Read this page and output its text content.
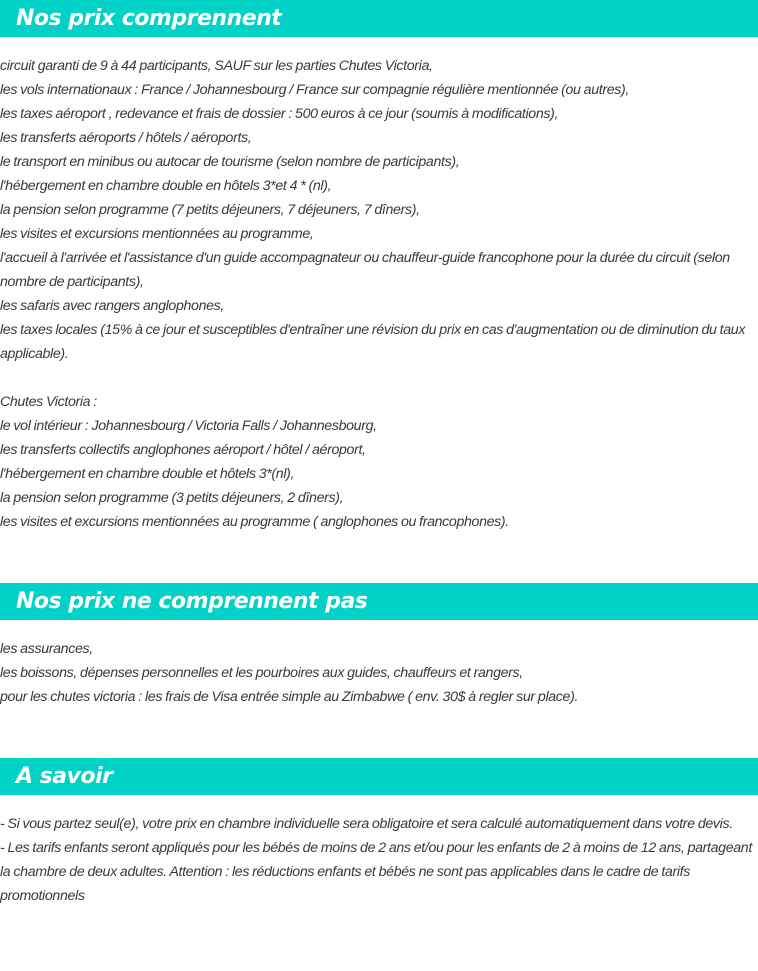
Nos prix comprennent
circuit garanti de 9 à 44 participants, SAUF sur les parties Chutes Victoria,
les vols internationaux : France / Johannesbourg / France sur compagnie régulière mentionnée (ou autres),
les taxes aéroport , redevance et frais de dossier : 500 euros à ce jour (soumis à modifications),
les transferts aéroports / hôtels / aéroports,
le transport en minibus ou autocar de tourisme (selon nombre de participants),
l'hébergement en chambre double en hôtels 3*et 4 * (nl),
la pension selon programme (7 petits déjeuners, 7 déjeuners, 7 dîners),
les visites et excursions mentionnées au programme,
l'accueil à l'arrivée et l'assistance d'un guide accompagnateur ou chauffeur-guide francophone pour la durée du circuit (selon nombre de participants),
les safaris avec rangers anglophones,
les taxes locales (15% à ce jour et susceptibles d'entraîner une révision du prix en cas d'augmentation ou de diminution du taux applicable).

Chutes Victoria :
le vol intérieur : Johannesbourg / Victoria Falls / Johannesbourg,
les transferts collectifs anglophones aéroport / hôtel / aéroport,
l'hébergement en chambre double et hôtels 3*(nl),
la pension selon programme (3 petits déjeuners, 2 dîners),
les visites et excursions mentionnées au programme ( anglophones ou francophones).
Nos prix ne comprennent pas
les assurances,
les boissons, dépenses personnelles et les pourboires aux guides, chauffeurs et rangers,
pour les chutes victoria : les frais de Visa entrée simple au Zimbabwe ( env. 30$ à regler sur place).
A savoir
- Si vous partez seul(e), votre prix en chambre individuelle sera obligatoire et sera calculé automatiquement dans votre devis.
- Les tarifs enfants seront appliqués pour les bébés de moins de 2 ans et/ou pour les enfants de 2 à moins de 12 ans, partageant la chambre de deux adultes. Attention : les réductions enfants et bébés ne sont pas applicables dans le cadre de tarifs promotionnels
